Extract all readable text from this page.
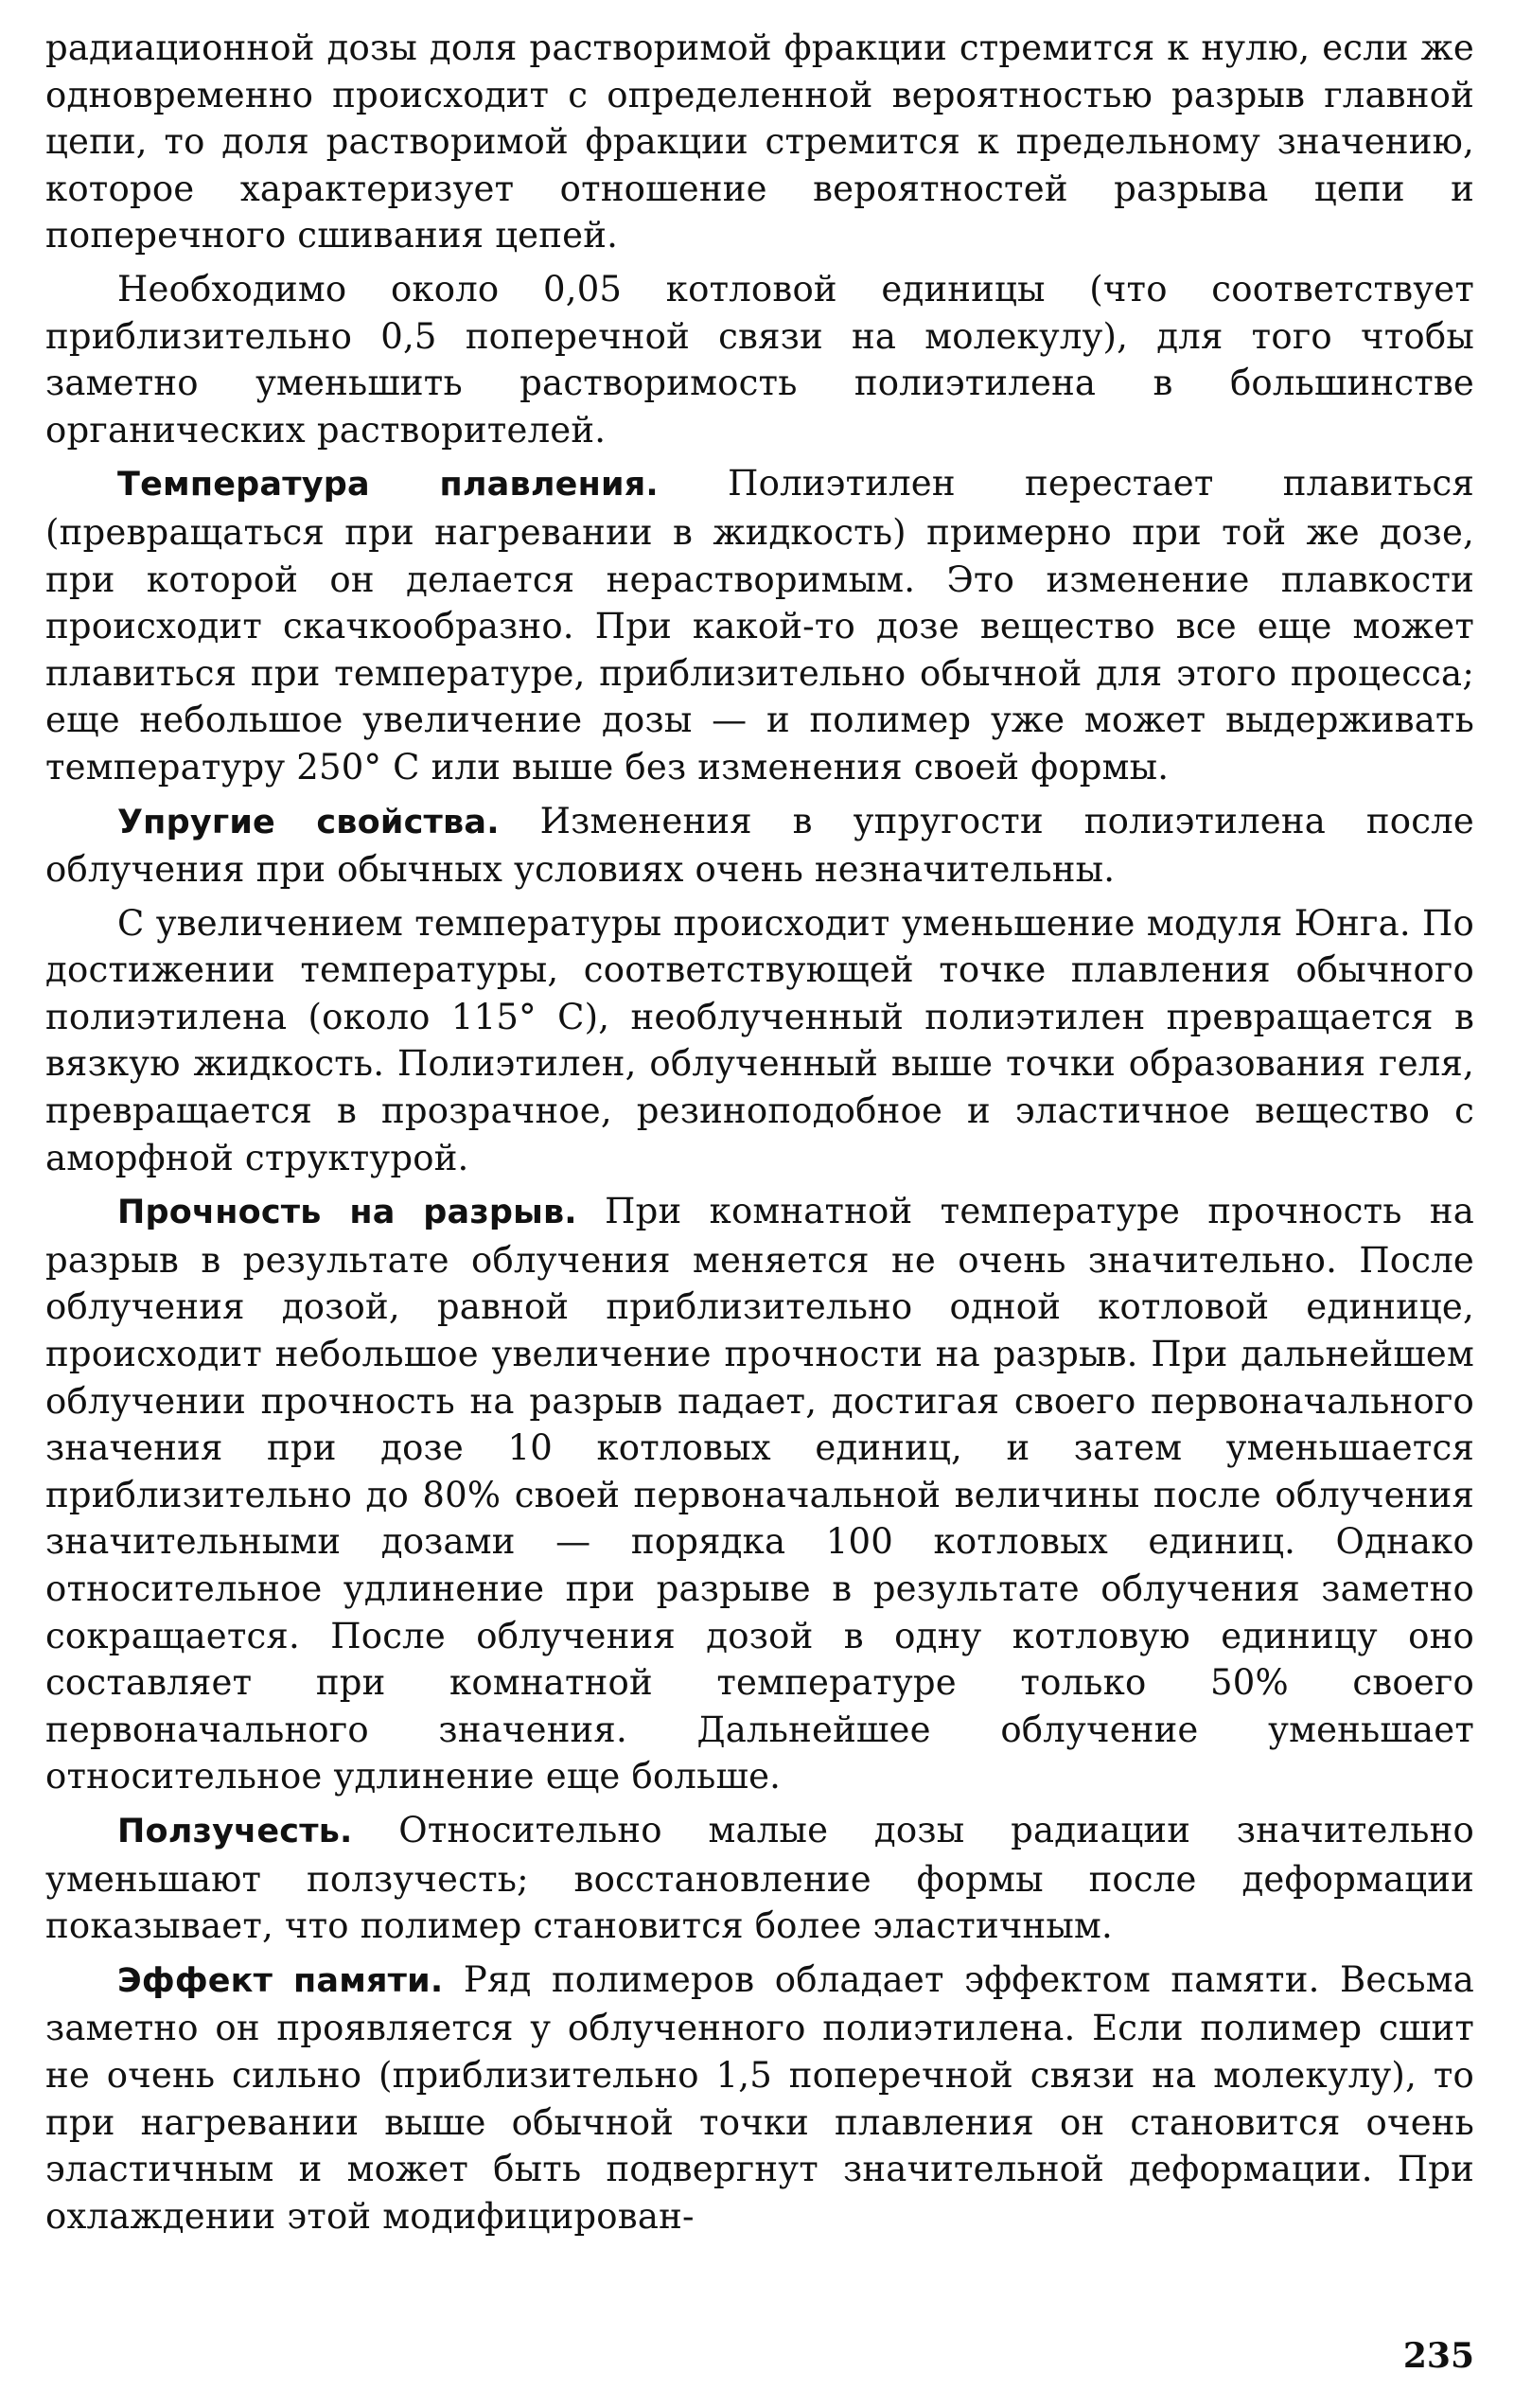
радиационной дозы доля растворимой фракции стремится к нулю, если же одновременно происходит с определенной вероятностью разрыв главной цепи, то доля растворимой фракции стремится к предельному значению, которое характеризует отношение вероятностей разрыва цепи и поперечного сшивания цепей.

Необходимо около 0,05 котловой единицы (что соответствует приблизительно 0,5 поперечной связи на молекулу), для того чтобы заметно уменьшить растворимость полиэтилена в большинстве органических растворителей.

Температура плавления. Полиэтилен перестает плавиться (превращаться при нагревании в жидкость) примерно при той же дозе, при которой он делается нерастворимым. Это изменение плавкости происходит скачкообразно. При какой-то дозе вещество все еще может плавиться при температуре, приблизительно обычной для этого процесса; еще небольшое увеличение дозы — и полимер уже может выдерживать температуру 250° С или выше без изменения своей формы.

Упругие свойства. Изменения в упругости полиэтилена после облучения при обычных условиях очень незначительны.

С увеличением температуры происходит уменьшение модуля Юнга. По достижении температуры, соответствующей точке плавления обычного полиэтилена (около 115° С), необлученный полиэтилен превращается в вязкую жидкость. Полиэтилен, облученный выше точки образования геля, превращается в прозрачное, резиноподобное и эластичное вещество с аморфной структурой.

Прочность на разрыв. При комнатной температуре прочность на разрыв в результате облучения меняется не очень значительно. После облучения дозой, равной приблизительно одной котловой единице, происходит небольшое увеличение прочности на разрыв. При дальнейшем облучении прочность на разрыв падает, достигая своего первоначального значения при дозе 10 котловых единиц, и затем уменьшается приблизительно до 80% своей первоначальной величины после облучения значительными дозами — порядка 100 котловых единиц. Однако относительное удлинение при разрыве в результате облучения заметно сокращается. После облучения дозой в одну котловую единицу оно составляет при комнатной температуре только 50% своего первоначального значения. Дальнейшее облучение уменьшает относительное удлинение еще больше.

Ползучесть. Относительно малые дозы радиации значительно уменьшают ползучесть; восстановление формы после деформации показывает, что полимер становится более эластичным.

Эффект памяти. Ряд полимеров обладает эффектом памяти. Весьма заметно он проявляется у облученного полиэтилена. Если полимер сшит не очень сильно (приблизительно 1,5 поперечной связи на молекулу), то при нагревании выше обычной точки плавления он становится очень эластичным и может быть подвергнут значительной деформации. При охлаждении этой модифицирован-

235
